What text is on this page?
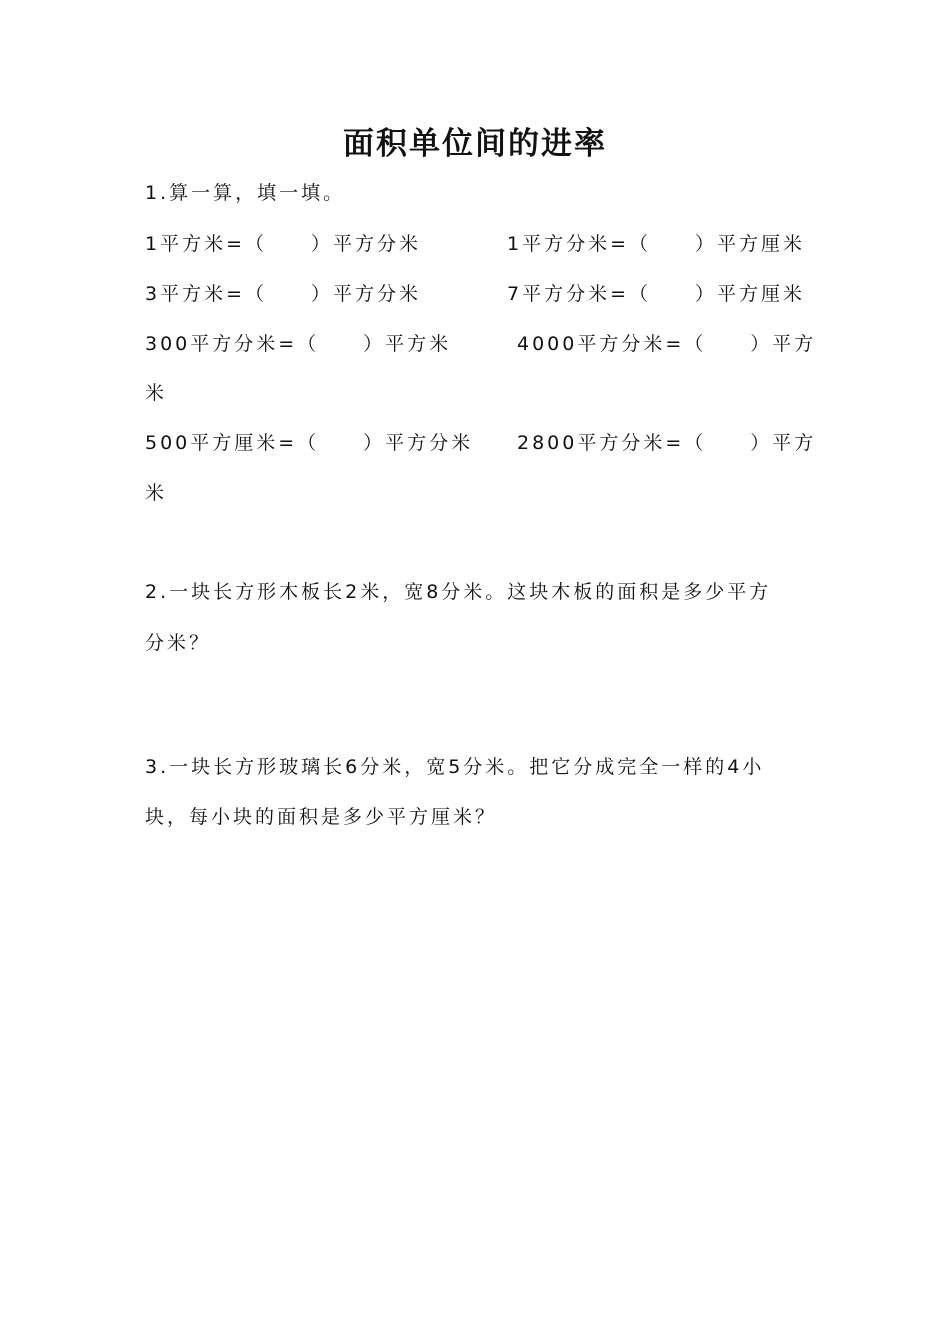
面积单位间的进率
1.算一算，填一填。
1平方米=（　　）平方分米	1平方分米=（　　）平方厘米
3平方米=（　　）平方分米	7平方分米=（　　）平方厘米
300平方分米=（　　）平方米	4000平方分米=（　　）平方
米
500平方厘米=（　　）平方分米 2800平方分米=（　　）平方
米
2.一块长方形木板长2米，宽8分米。这块木板的面积是多少平方
分米？
3.一块长方形玻璃长6分米，宽5分米。把它分成完全一样的4小
块，每小块的面积是多少平方厘米？
